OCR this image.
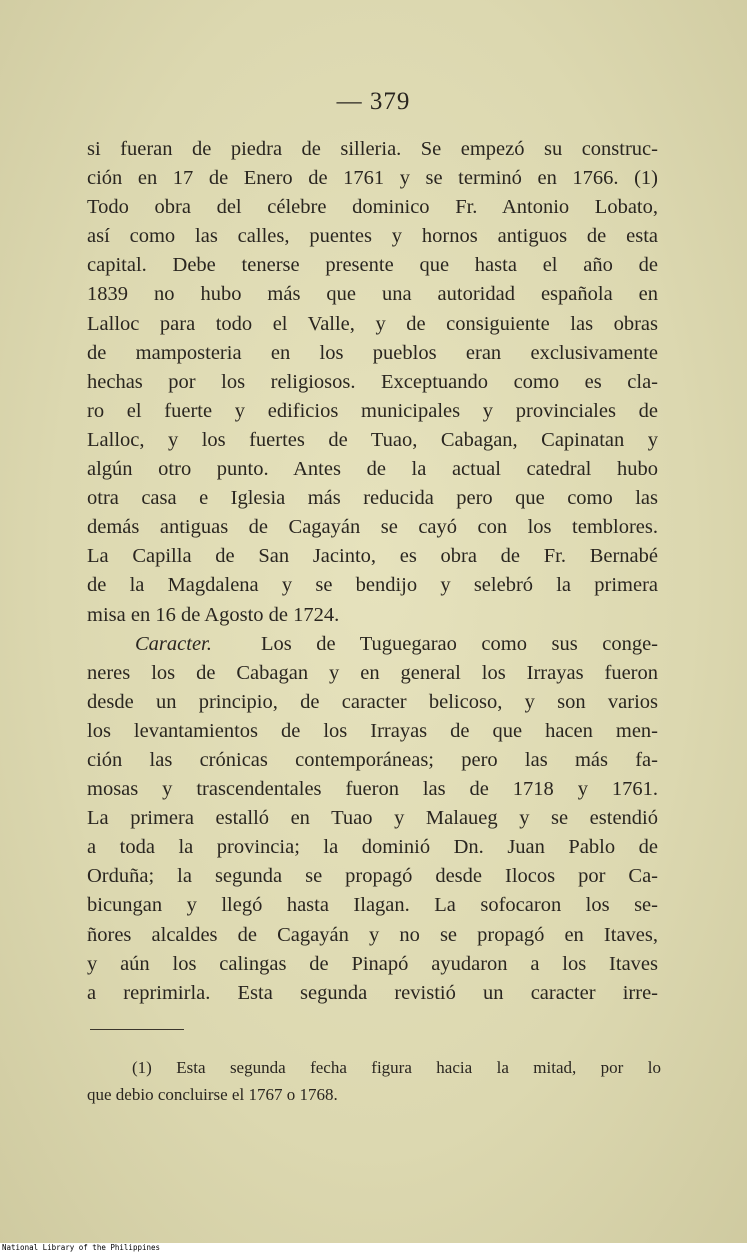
— 379
si fueran de piedra de silleria. Se empezó su construc-
ción en 17 de Enero de 1761 y se terminó en 1766. (1)
Todo obra del célebre dominico Fr. Antonio Lobato,
así como las calles, puentes y hornos antiguos de esta
capital. Debe tenerse presente que hasta el año de
1839 no hubo más que una autoridad española en
Lalloc para todo el Valle, y de consiguiente las obras
de mamposteria en los pueblos eran exclusivamente
hechas por los religiosos. Exceptuando como es cla-
ro el fuerte y edificios municipales y provinciales de
Lalloc, y los fuertes de Tuao, Cabagan, Capinatan y
algún otro punto. Antes de la actual catedral hubo
otra casa e Iglesia más reducida pero que como las
demás antiguas de Cagayán se cayó con los temblores.
La Capilla de San Jacinto, es obra de Fr. Bernabé
de la Magdalena y se bendijo y selebró la primera
misa en 16 de Agosto de 1724.
Caracter. Los de Tuguegarao como sus conge-
neres los de Cabagan y en general los Irrayas fueron
desde un principio, de caracter belicoso, y son varios
los levantamientos de los Irrayas de que hacen men-
ción las crónicas contemporáneas; pero las más fa-
mosas y trascendentales fueron las de 1718 y 1761.
La primera estalló en Tuao y Malaueg y se estendió
a toda la provincia; la dominió Dn. Juan Pablo de
Orduña; la segunda se propagó desde Ilocos por Ca-
bicungan y llegó hasta Ilagan. La sofocaron los se-
ñores alcaldes de Cagayán y no se propagó en Itaves,
y aún los calingas de Pinapó ayudaron a los Itaves
a reprimirla. Esta segunda revistió un caracter irre-
(1) Esta segunda fecha figura hacia la mitad, por lo
que debio concluirse el 1767 o 1768.
National Library of the Philippines
